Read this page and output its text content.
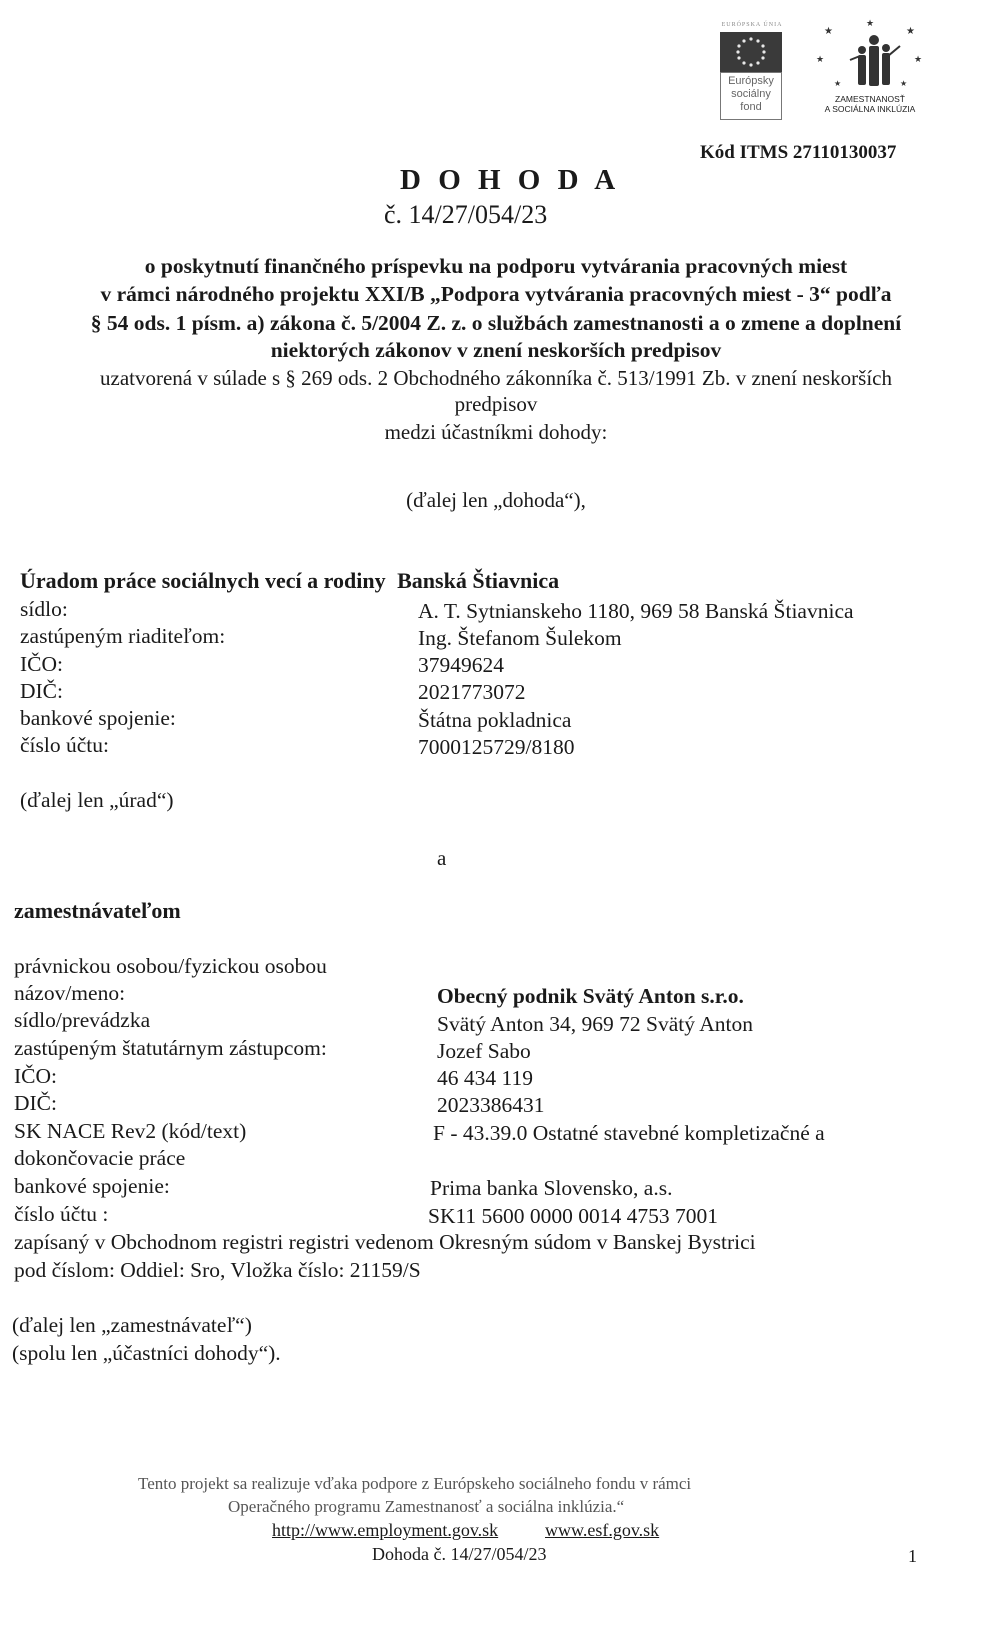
EURÓPSKA ÚNIA
Európsky
sociálny
fond
★
★
★
★	★
★	★
ZAMESTNANOSŤ
A SOCIÁLNA INKLÚZIA
Kód ITMS 27110130037
D O H O D A
č. 14/27/054/23
o poskytnutí finančného príspevku na podporu vytvárania pracovných miest
v rámci národného projektu XXI/B „Podpora vytvárania pracovných miest - 3“ podľa
§ 54 ods. 1 písm. a) zákona č. 5/2004 Z. z. o službách zamestnanosti a o zmene a doplnení
niektorých zákonov v znení neskorších predpisov
uzatvorená v súlade s § 269 ods. 2 Obchodného zákonníka č. 513/1991 Zb. v znení neskorších
predpisov
medzi účastníkmi dohody:
(ďalej len „dohoda“),
Úradom práce sociálnych vecí a rodiny Banská Štiavnica
sídlo:	A. T. Sytnianskeho 1180, 969 58 Banská Štiavnica
zastúpeným riaditeľom:	Ing. Štefanom Šulekom
IČO:	37949624
DIČ:	2021773072
bankové spojenie:	Štátna pokladnica
číslo účtu:	7000125729/8180
(ďalej len „úrad“)
a
zamestnávateľom
právnickou osobou/fyzickou osobou
názov/meno:	Obecný podnik Svätý Anton s.r.o.
sídlo/prevádzka	Svätý Anton 34, 969 72 Svätý Anton
zastúpeným štatutárnym zástupcom:	Jozef Sabo
IČO:	46 434 119
DIČ:	2023386431
SK NACE Rev2 (kód/text)	F - 43.39.0 Ostatné stavebné kompletizačné a
dokončovacie práce
bankové spojenie:	Prima banka Slovensko, a.s.
číslo účtu :	SK11 5600 0000 0014 4753 7001
zapísaný v Obchodnom registri registri vedenom Okresným súdom v Banskej Bystrici
pod číslom: Oddiel: Sro, Vložka číslo: 21159/S
(ďalej len „zamestnávateľ“)
(spolu len „účastníci dohody“).
Tento projekt sa realizuje vďaka podpore z Európskeho sociálneho fondu v rámci
Operačného programu Zamestnanosť a sociálna inklúzia.“
http://www.employment.gov.sk	www.esf.gov.sk
Dohoda č. 14/27/054/23	1
